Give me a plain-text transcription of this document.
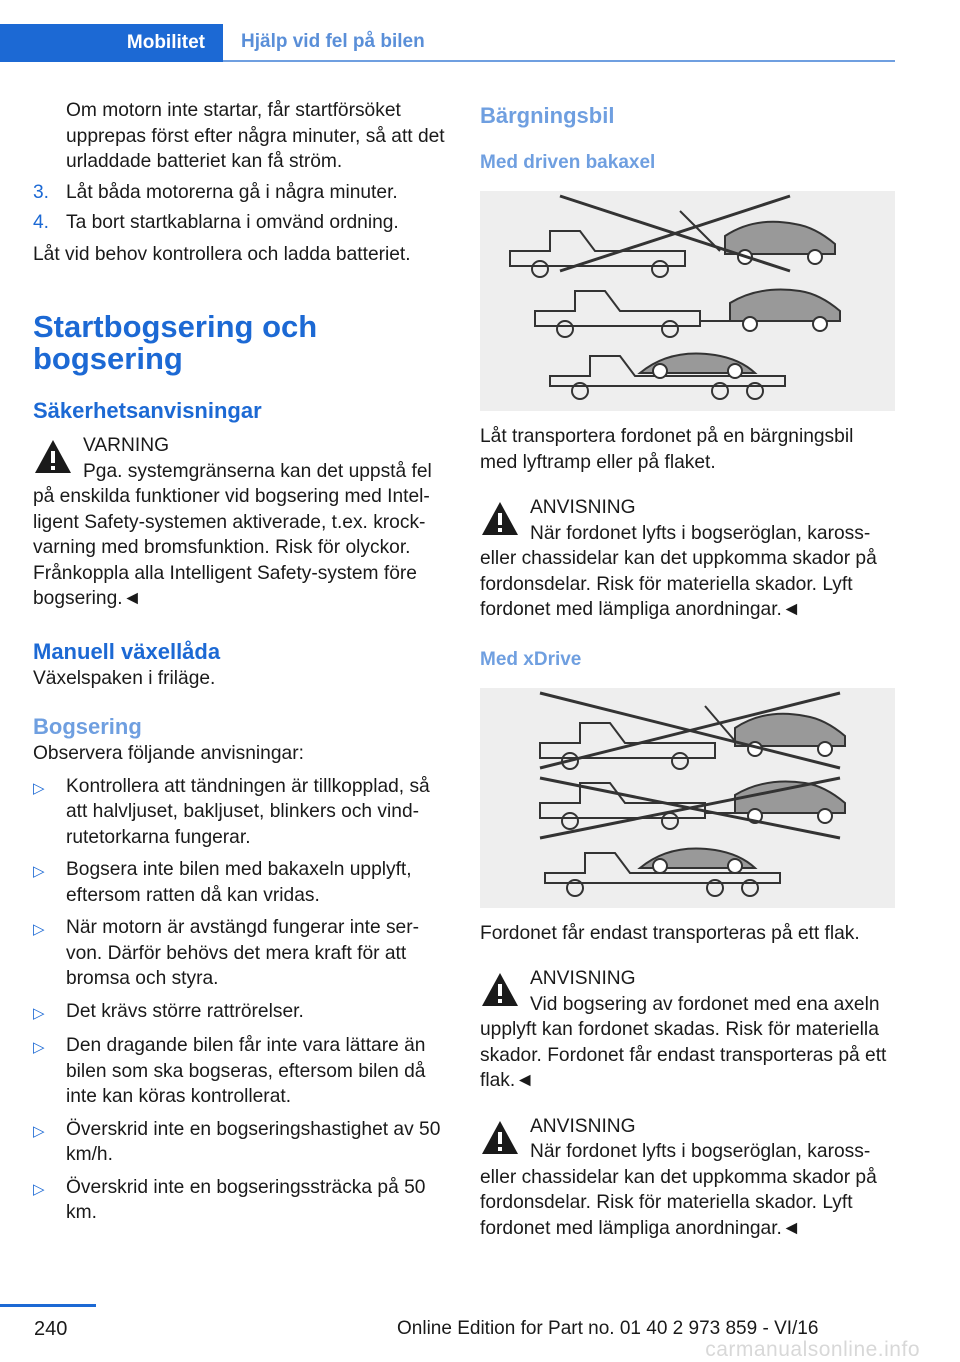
Mobilitet	Hjälp vid fel på bilen

Om motorn inte startar, får startförsöket upprepas först efter några minuter, så att det urladdade batteriet kan få ström.

3. Låt båda motorerna gå i några minuter.
4. Ta bort startkablarna i omvänd ordning.

Låt vid behov kontrollera och ladda batteriet.

Startbogsering och bogsering
Säkerhetsanvisningar
VARNING
Pga. systemgränserna kan det uppstå fel på enskilda funktioner vid bogsering med Intel-ligent Safety-systemen aktiverade, t.ex. krock-varning med bromsfunktion. Risk för olyckor. Frånkoppla alla Intelligent Safety-system före bogsering.◄
Manuell växellåda

Växelspaken i friläge.

Bogsering

Observera följande anvisningar:

▷	Kontrollera att tändningen är tillkopplad, så att halvljuset, bakljuset, blinkers och vind-rutetorkarna fungerar.
▷	Bogsera inte bilen med bakaxeln upplyft, eftersom ratten då kan vridas.
▷	När motorn är avstängd fungerar inte ser-von. Därför behövs det mera kraft för att bromsa och styra.
▷	Det krävs större rattrörelser.
▷	Den dragande bilen får inte vara lättare än bilen som ska bogseras, eftersom bilen då inte kan köras kontrollerat.
▷	Överskrid inte en bogseringshastighet av 50 km/h.
▷	Överskrid inte en bogseringssträcka på 50 km.
Bärgningsbil
Med driven bakaxel

Låt transportera fordonet på en bärgningsbil med lyftramp eller på flaket.

ANVISNING
När fordonet lyfts i bogseröglan, kaross- eller chassidelar kan det uppkomma skador på fordonsdelar. Risk för materiella skador. Lyft fordonet med lämpliga anordningar.◄
Med xDrive

Fordonet får endast transporteras på ett flak.

ANVISNING
Vid bogsering av fordonet med ena axeln upplyft kan fordonet skadas. Risk för materiella skador. Fordonet får endast transporteras på ett flak.◄
ANVISNING
När fordonet lyfts i bogseröglan, kaross- eller chassidelar kan det uppkomma skador på fordonsdelar. Risk för materiella skador. Lyft fordonet med lämpliga anordningar.◄
240	Online Edition for Part no. 01 40 2 973 859 - VI/16
carmanualsonline.info
